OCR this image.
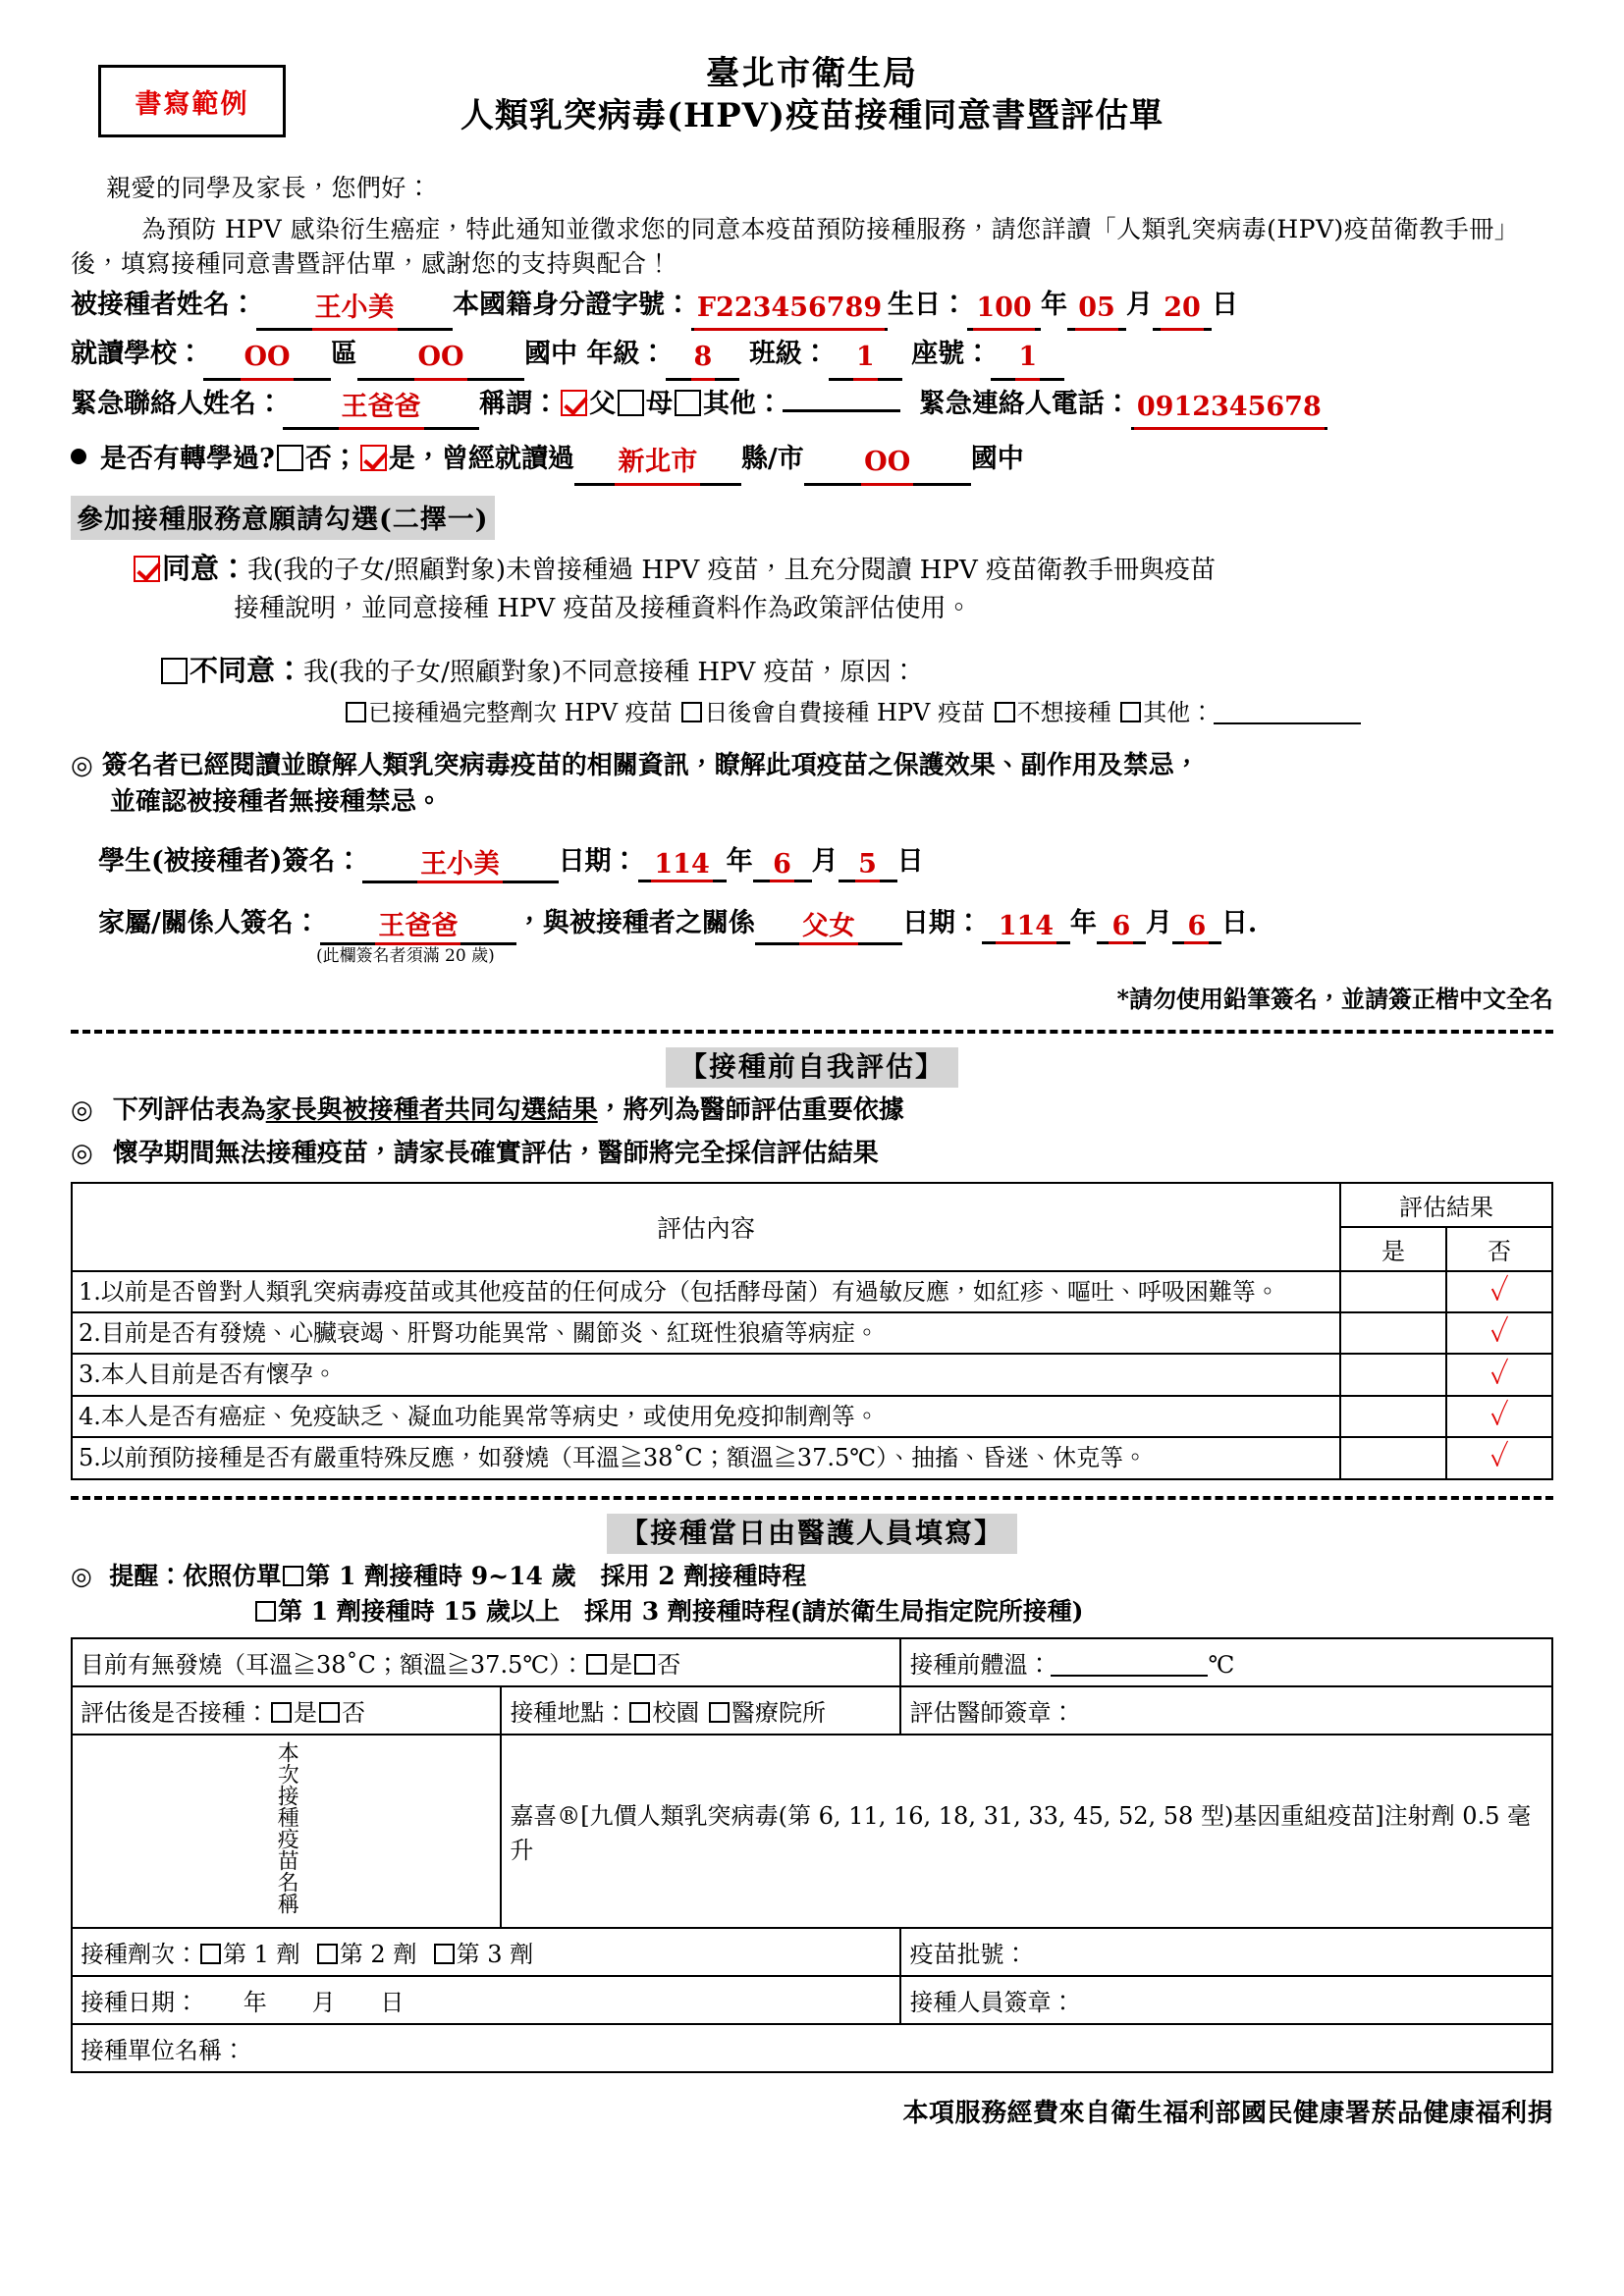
書寫範例
臺北市衛生局
人類乳突病毒(HPV)疫苗接種同意書暨評估單
親愛的同學及家長，您們好：
為預防 HPV 感染衍生癌症，特此通知並徵求您的同意本疫苗預防接種服務，請您詳讀「人類乳突病毒(HPV)疫苗衛教手冊」後，填寫接種同意書暨評估單，感謝您的支持與配合！
被接種者姓名： 王小美 本國籍身分證字號： F223456789 生日： 100 年 05 月 20 日
就讀學校： OO 區 OO 國中 年級： 8 班級： 1 座號： 1
緊急聯絡人姓名： 王爸爸 稱謂： 父 母 其他：	緊急連絡人電話： 0912345678
是否有轉學過? 否； 是，曾經就讀過 新北市 縣/市 OO 國中
參加接種服務意願請勾選(二擇一)
同意：我(我的子女/照顧對象)未曾接種過 HPV 疫苗，且充分閱讀 HPV 疫苗衛教手冊與疫苗
接種說明，並同意接種 HPV 疫苗及接種資料作為政策評估使用。
不同意：我(我的子女/照顧對象)不同意接種 HPV 疫苗，原因：
已接種過完整劑次 HPV 疫苗 日後會自費接種 HPV 疫苗 不想接種 其他：
◎ 簽名者已經閱讀並瞭解人類乳突病毒疫苗的相關資訊，瞭解此項疫苗之保護效果、副作用及禁忌，
並確認被接種者無接種禁忌。
學生(被接種者)簽名： 王小美 日期： 114 年 6 月 5 日
家屬/關係人簽名： 王爸爸 ，與被接種者之關係 父女 日期： 114 年 6 月 6 日.
(此欄簽名者須滿 20 歲)
*請勿使用鉛筆簽名，並請簽正楷中文全名
【接種前自我評估】
◎ 下列評估表為家長與被接種者共同勾選結果，將列為醫師評估重要依據
◎ 懷孕期間無法接種疫苗，請家長確實評估，醫師將完全採信評估結果
評估內容	評估結果	
	是	否
1.以前是否曾對人類乳突病毒疫苗或其他疫苗的任何成分（包括酵母菌）有過敏反應，如紅疹、嘔吐、呼吸困難等。		✓
2.目前是否有發燒、心臟衰竭、肝腎功能異常、關節炎、紅斑性狼瘡等病症。		✓
3.本人目前是否有懷孕。		✓
4.本人是否有癌症、免疫缺乏、凝血功能異常等病史，或使用免疫抑制劑等。		✓
5.以前預防接種是否有嚴重特殊反應，如發燒（耳溫≧38˚C；額溫≧37.5℃）、抽搐、昏迷、休克等。		✓
【接種當日由醫護人員填寫】
◎ 提醒：依照仿單 第 1 劑接種時 9~14 歲　採用 2 劑接種時程
第 1 劑接種時 15 歲以上　採用 3 劑接種時程(請於衛生局指定院所接種)
目前有無發燒（耳溫≧38˚C；額溫≧37.5℃）： 是 否		接種前體溫： ℃
評估後是否接種： 是 否	接種地點： 校園 醫療院所	評估醫師簽章：
本次接種疫苗名稱	嘉喜®[九價人類乳突病毒(第 6, 11, 16, 18, 31, 33, 45, 52, 58 型)基因重組疫苗]注射劑 0.5 毫升	
接種劑次： 第 1 劑 第 2 劑 第 3 劑		疫苗批號：
接種日期： 年 月 日		接種人員簽章：
接種單位名稱：		
本項服務經費來自衛生福利部國民健康署菸品健康福利捐
